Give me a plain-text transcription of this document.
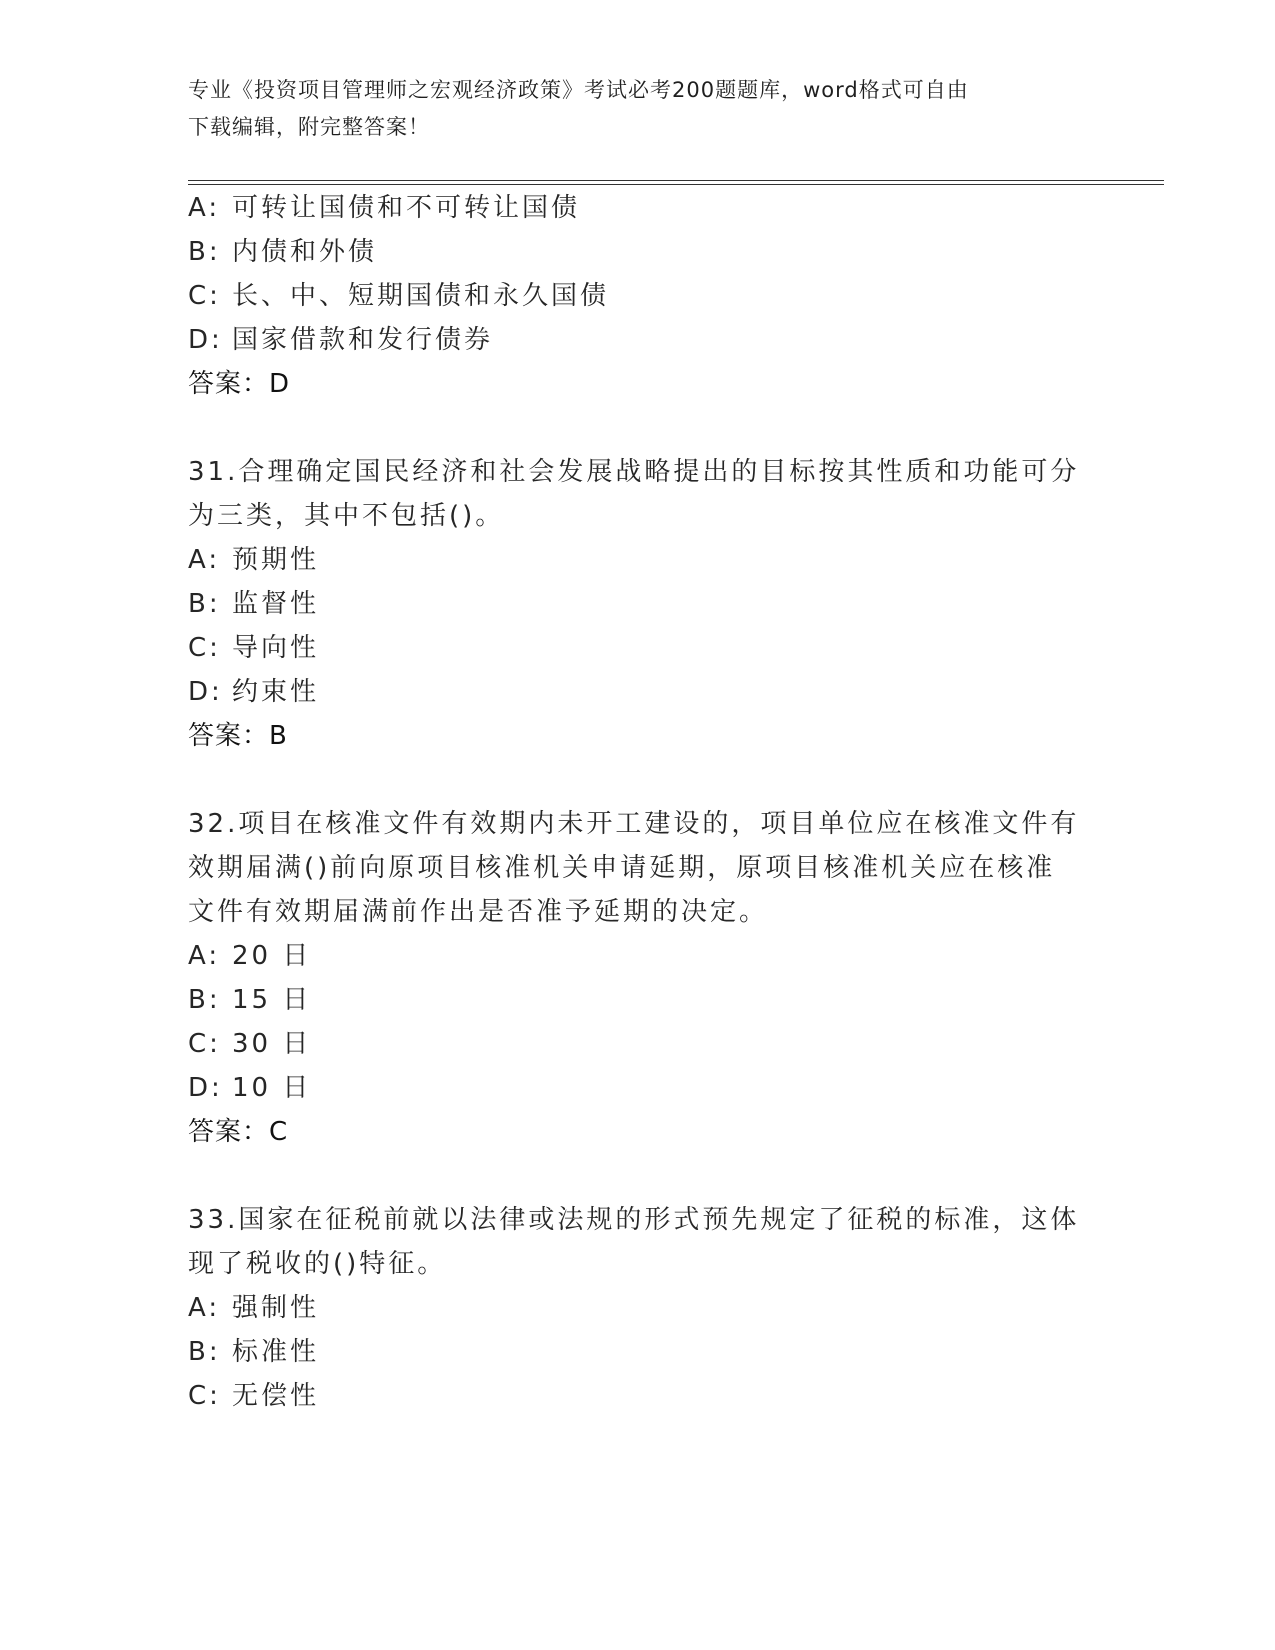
专业《投资项目管理师之宏观经济政策》考试必考200题题库，word格式可自由
下载编辑，附完整答案！
A: 可转让国债和不可转让国债
B: 内债和外债
C: 长、中、短期国债和永久国债
D: 国家借款和发行债券
答案：D
31.合理确定国民经济和社会发展战略提出的目标按其性质和功能可分
为三类，其中不包括()。
A: 预期性
B: 监督性
C: 导向性
D: 约束性
答案：B
32.项目在核准文件有效期内未开工建设的，项目单位应在核准文件有
效期届满()前向原项目核准机关申请延期，原项目核准机关应在核准
文件有效期届满前作出是否准予延期的决定。
A: 20 日
B: 15 日
C: 30 日
D: 10 日
答案：C
33.国家在征税前就以法律或法规的形式预先规定了征税的标准，这体
现了税收的()特征。
A: 强制性
B: 标准性
C: 无偿性
